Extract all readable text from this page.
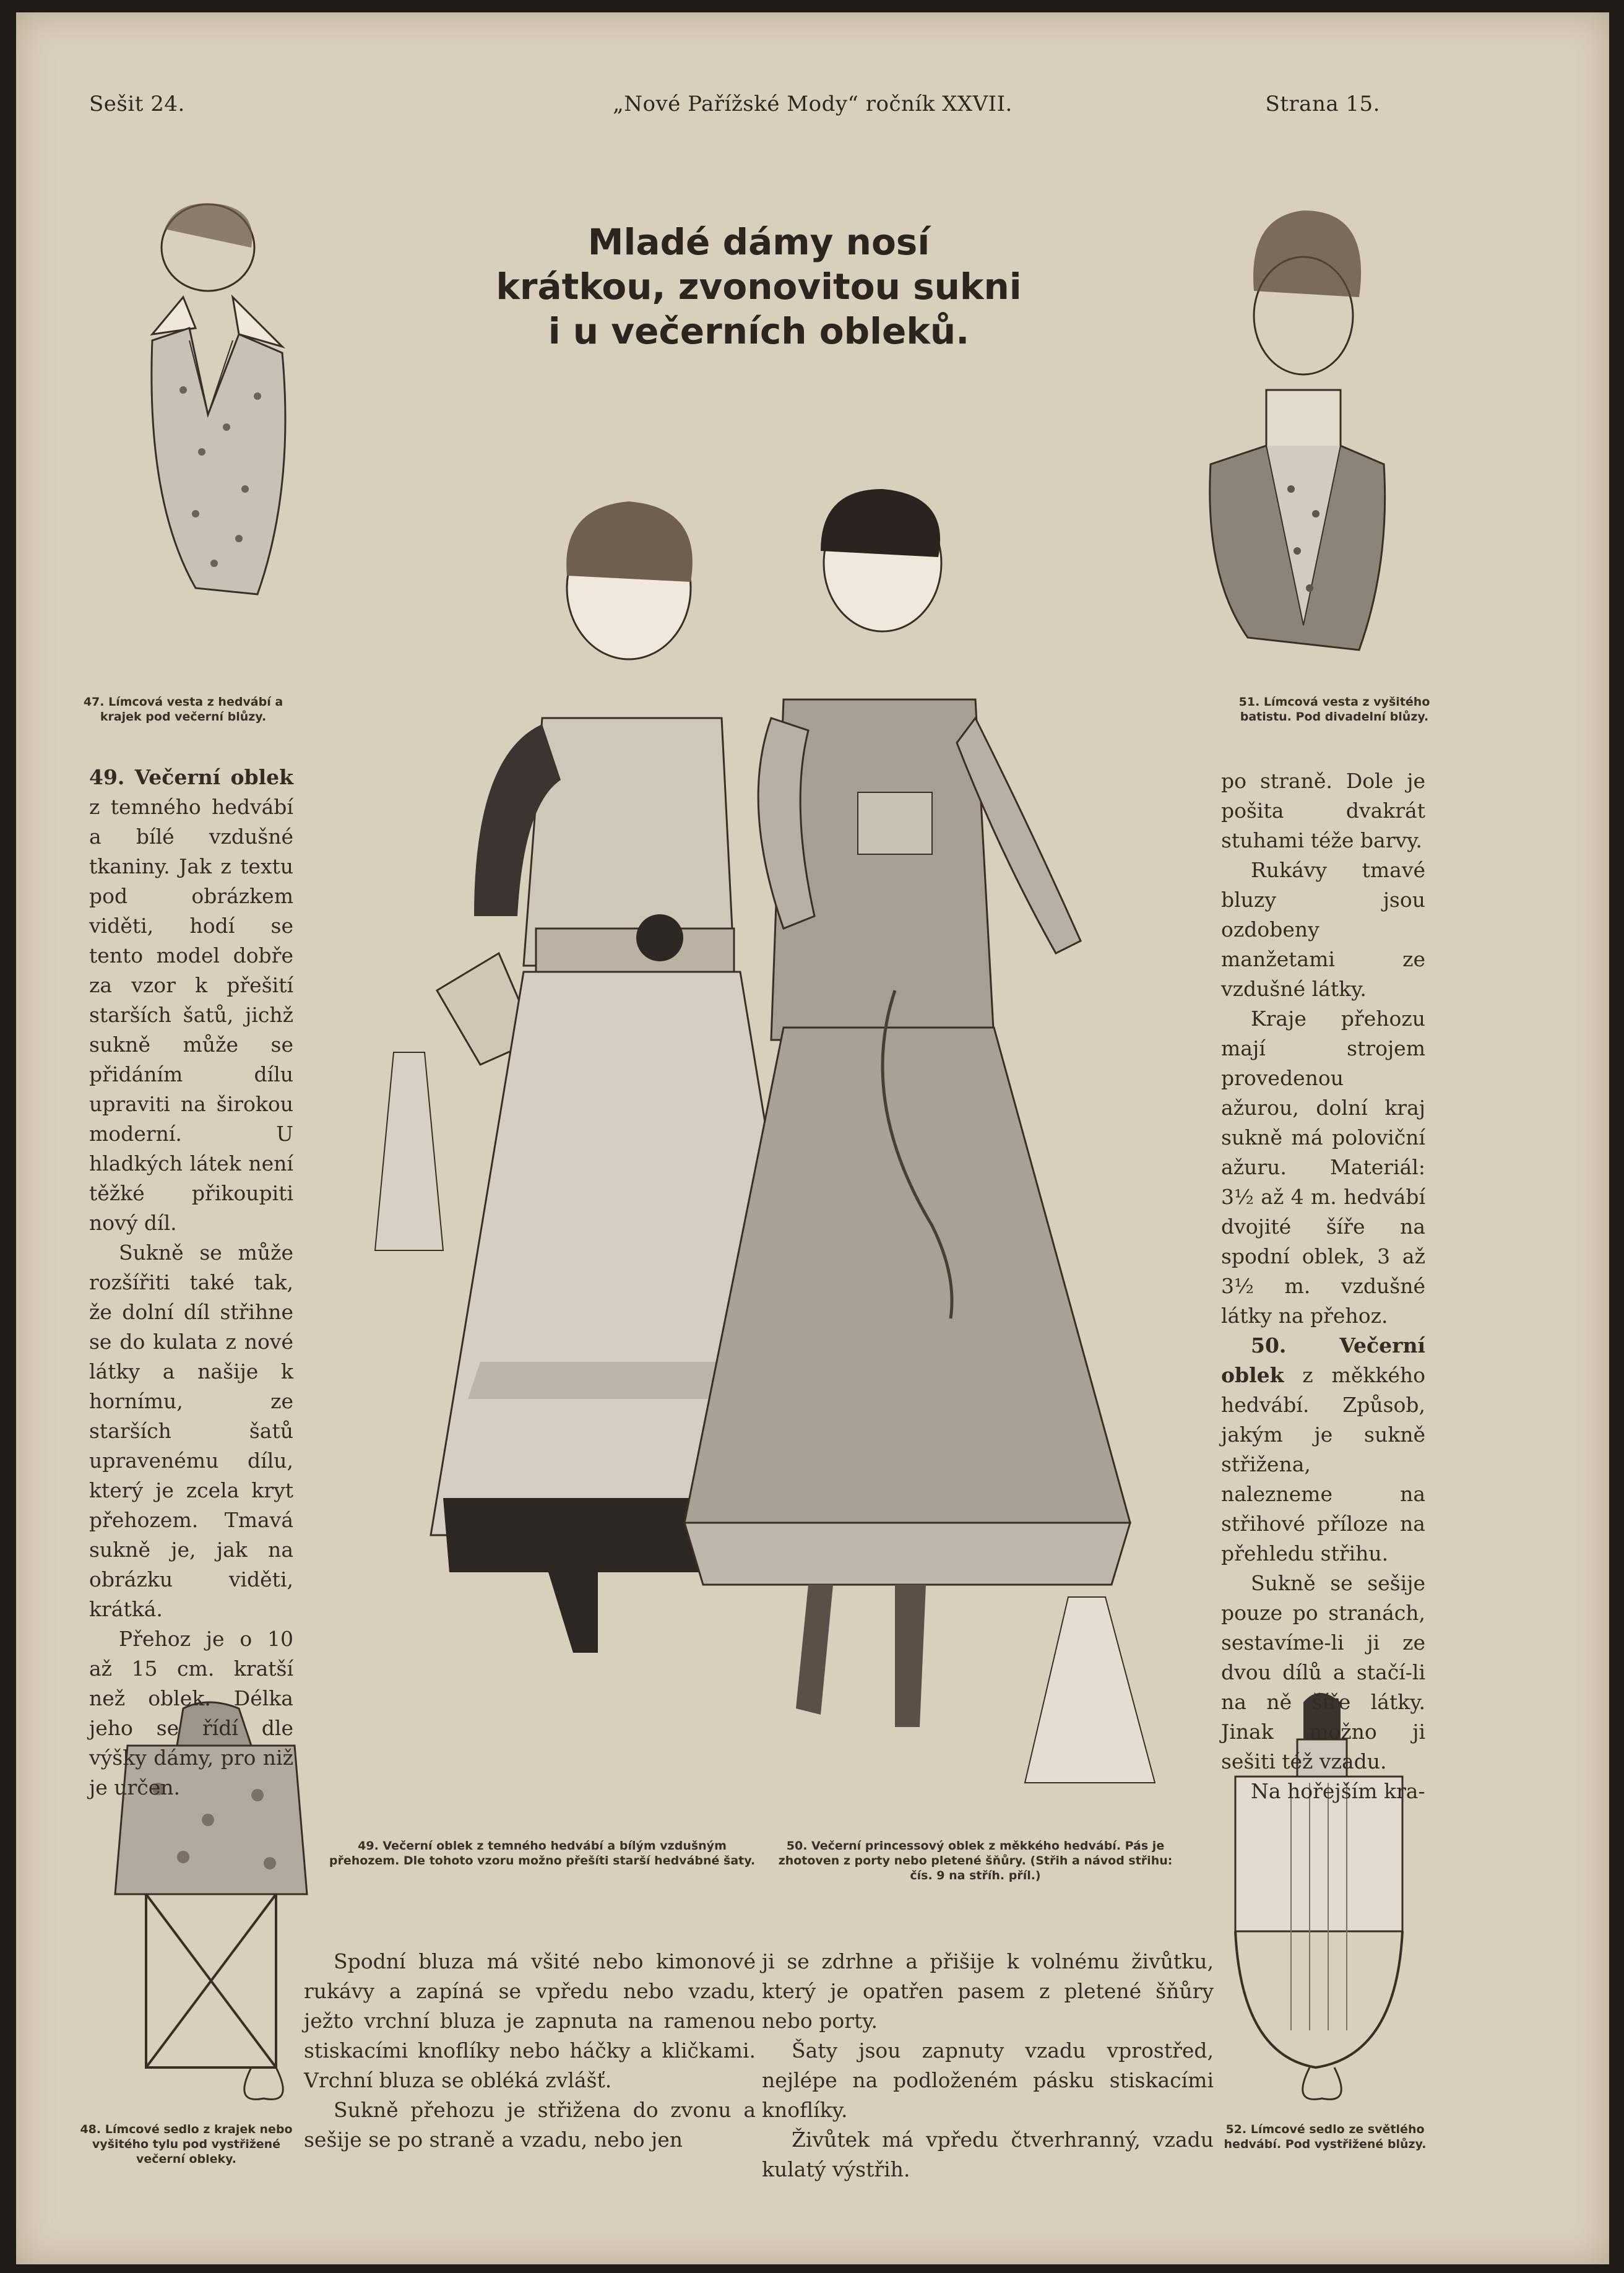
Sešit 24.	„Nové Pařížské Mody“ ročník XXVII.	Strana 15.
Mladé dámy nosí
krátkou, zvonovitou sukni
i u večerních obleků.
47. Límcová vesta z hedvábí a krajek pod večerní blůzy.
51. Límcová vesta z vyšitého batistu. Pod divadelní blůzy.
49. Večerní oblek z temného hedvábí a bílým vzdušným přehozem. Dle tohoto vzoru možno přešíti starší hedvábné šaty.
50. Večerní princessový oblek z měkkého hedvábí. Pás je zhotoven z porty nebo pletené šňůry. (Střih a návod střihu: čís. 9 na stříh. příl.)
48. Límcové sedlo z krajek nebo vyšitého tylu pod vystřižené večerní obleky.
52. Límcové sedlo ze světlého hedvábí. Pod vystřižené blůzy.

49. Večerní oblek z temného hedvábí a bílé vzdušné tkaniny. Jak z textu pod obrázkem viděti, hodí se tento model dobře za vzor k přešití starších šatů, jichž sukně může se přidáním dílu upraviti na širokou moderní. U hladkých látek není těžké přikoupiti nový díl.

Sukně se může rozšířiti také tak, že dolní díl střihne se do kulata z nové látky a našije k hornímu, ze starších šatů upravenému dílu, který je zcela kryt přehozem. Tmavá sukně je, jak na obrázku viděti, krátká.

Přehoz je o 10 až 15 cm. kratší než oblek. Délka jeho se řídí dle výšky dámy, pro niž je určen.

po straně. Dole je pošita dvakrát stuhami téže barvy.

Rukávy tmavé bluzy jsou ozdobeny manžetami ze vzdušné látky.

Kraje přehozu mají strojem provedenou ažurou, dolní kraj sukně má poloviční ažuru. Materiál: 3½ až 4 m. hedvábí dvojité šíře na spodní oblek, 3 až 3½ m. vzdušné látky na přehoz.

50. Večerní oblek z měkkého hedvábí. Způsob, jakým je sukně střižena, nalezneme na střihové příloze na přehledu střihu.

Sukně se sešije pouze po stranách, sestavíme-li ji ze dvou dílů a stačí-li na ně šíře látky. Jinak možno ji sešiti též vzadu.

Na hořejším kra-

Spodní bluza má všité nebo kimonové rukávy a zapíná se vpředu nebo vzadu, ježto vrchní bluza je zapnuta na ramenou stiskacími knoflíky nebo háčky a kličkami. Vrchní bluza se obléká zvlášť.

Sukně přehozu je střižena do zvonu a sešije se po straně a vzadu, nebo jen

ji se zdrhne a přišije k volnému živůtku, který je opatřen pasem z pletené šňůry nebo porty.

Šaty jsou zapnuty vzadu vprostřed, nejlépe na podloženém pásku stiskacími knoflíky.

Živůtek má vpředu čtverhranný, vzadu kulatý výstřih.
